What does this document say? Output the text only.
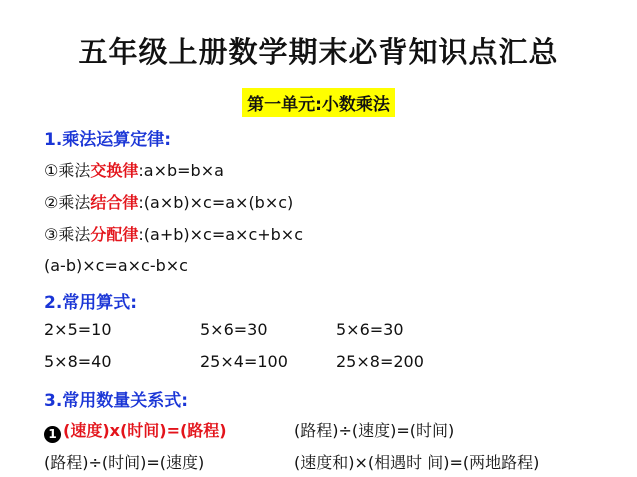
五年级上册数学期末必背知识点汇总
第一单元:小数乘法
1.乘法运算定律:
①乘法交换律:a×b=b×a
②乘法结合律:(a×b)×c=a×(b×c)
③乘法分配律:(a+b)×c=a×c+b×c
(a-b)×c=a×c-b×c
2.常用算式:
2×5=10	5×6=30	5×6=30
5×8=40	25×4=100	25×8=200
3.常用数量关系式:
1 (速度)x(时间)=(路程)	(路程)÷(速度)=(时间)
(路程)÷(时间)=(速度)	(速度和)×(相遇时 间)=(两地路程)
